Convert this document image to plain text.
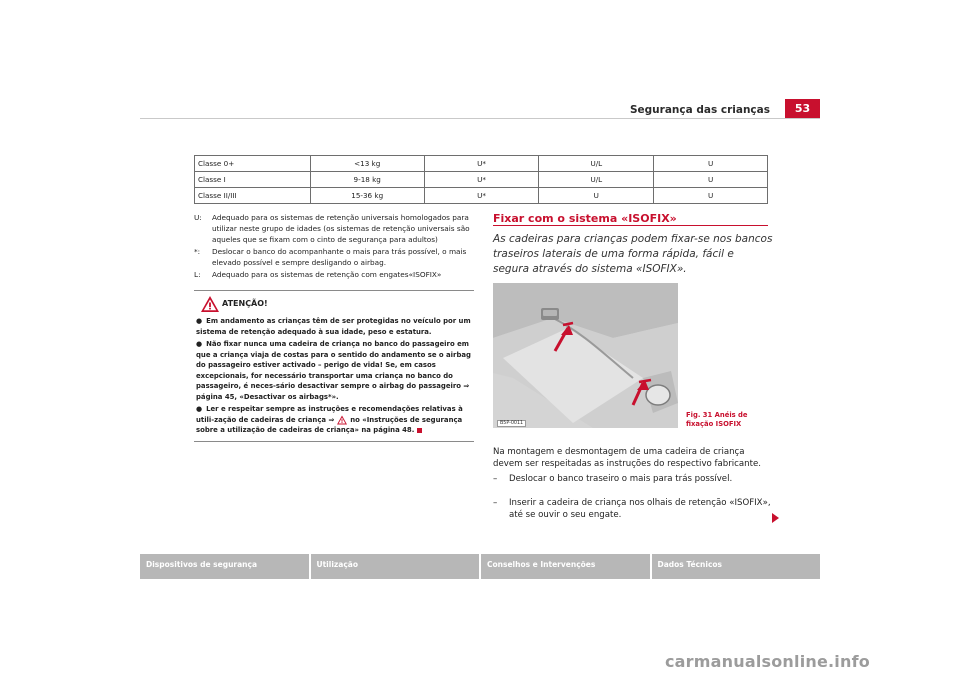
Segurança das crianças	53
Classe 0+	<13 kg	U*	U/L	U
Classe I	9-18 kg	U*	U/L	U
Classe II/III	15-36 kg	U*	U	U
U:	Adequado para os sistemas de retenção universais homologados para utilizar neste grupo de idades (os sistemas de retenção universais são aqueles que se fixam com o cinto de segurança para adultos)
*:	Deslocar o banco do acompanhante o mais para trás possível, o mais elevado possível e sempre desligando o airbag.
L:	Adequado para os sistemas de retenção com engates«ISOFIX»
ATENÇÃO!

● Em andamento as crianças têm de ser protegidas no veículo por um sistema de retenção adequado à sua idade, peso e estatura.

● Não fixar nunca uma cadeira de criança no banco do passageiro em que a criança viaja de costas para o sentido do andamento se o airbag do passageiro estiver activado – perigo de vida! Se, em casos excepcionais, for necessário transportar uma criança no banco do passageiro, é neces-sário desactivar sempre o airbag do passageiro ⇒ página 45, «Desactivar os airbags*».

● Ler e respeitar sempre as instruções e recomendações relativas à utili-zação de cadeiras de criança ⇒ no «Instruções de segurança sobre a utilização de cadeiras de criança» na página 48.

Fixar com o sistema «ISOFIX»
As cadeiras para crianças podem fixar-se nos bancos traseiros laterais de uma forma rápida, fácil e segura através do sistema «ISOFIX».
B5P-0011
Fig. 31 Anéis de fixação ISOFIX
Na montagem e desmontagem de uma cadeira de criança devem ser respeitadas as instruções do respectivo fabricante.
–	Deslocar o banco traseiro o mais para trás possível.
–	Inserir a cadeira de criança nos olhais de retenção «ISOFIX», até se ouvir o seu engate.
Dispositivos de segurança	Utilização	Conselhos e Intervenções	Dados Técnicos
carmanualsonline.info
